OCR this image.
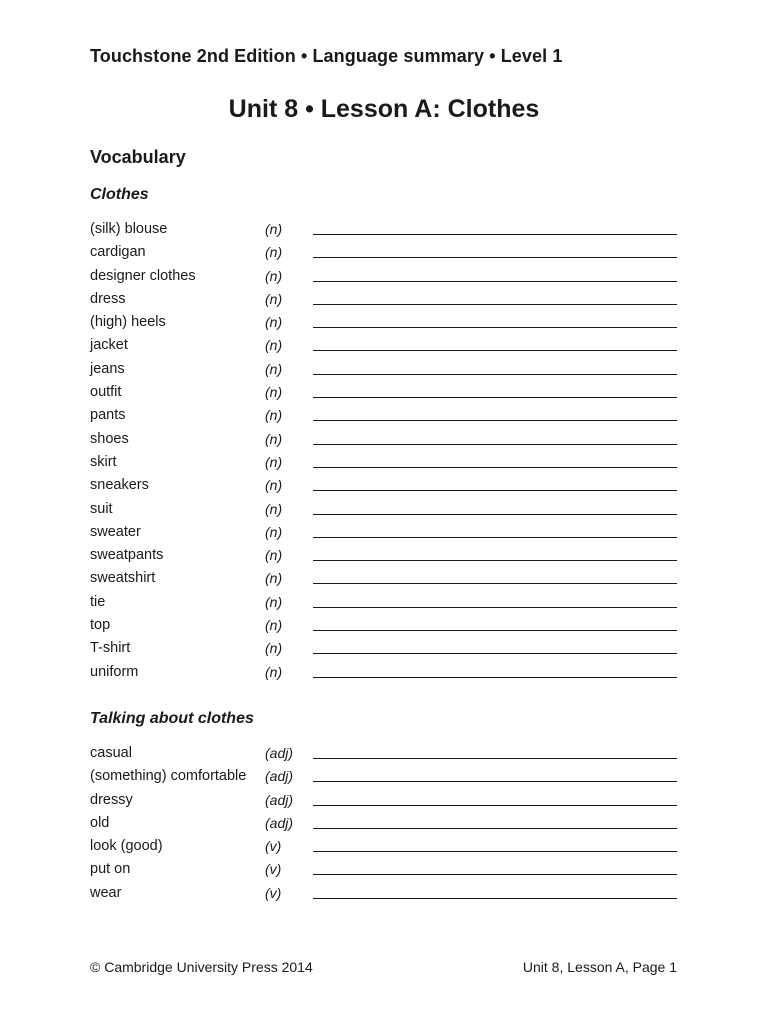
Touchstone 2nd Edition • Language summary • Level 1
Unit 8 • Lesson A: Clothes
Vocabulary
Clothes
(silk) blouse	(n)
cardigan	(n)
designer clothes	(n)
dress	(n)
(high) heels	(n)
jacket	(n)
jeans	(n)
outfit	(n)
pants	(n)
shoes	(n)
skirt	(n)
sneakers	(n)
suit	(n)
sweater	(n)
sweatpants	(n)
sweatshirt	(n)
tie	(n)
top	(n)
T-shirt	(n)
uniform	(n)
Talking about clothes
casual	(adj)
(something) comfortable (adj)
dressy	(adj)
old	(adj)
look (good)	(v)
put on	(v)
wear	(v)
© Cambridge University Press 2014	Unit 8, Lesson A, Page 1
